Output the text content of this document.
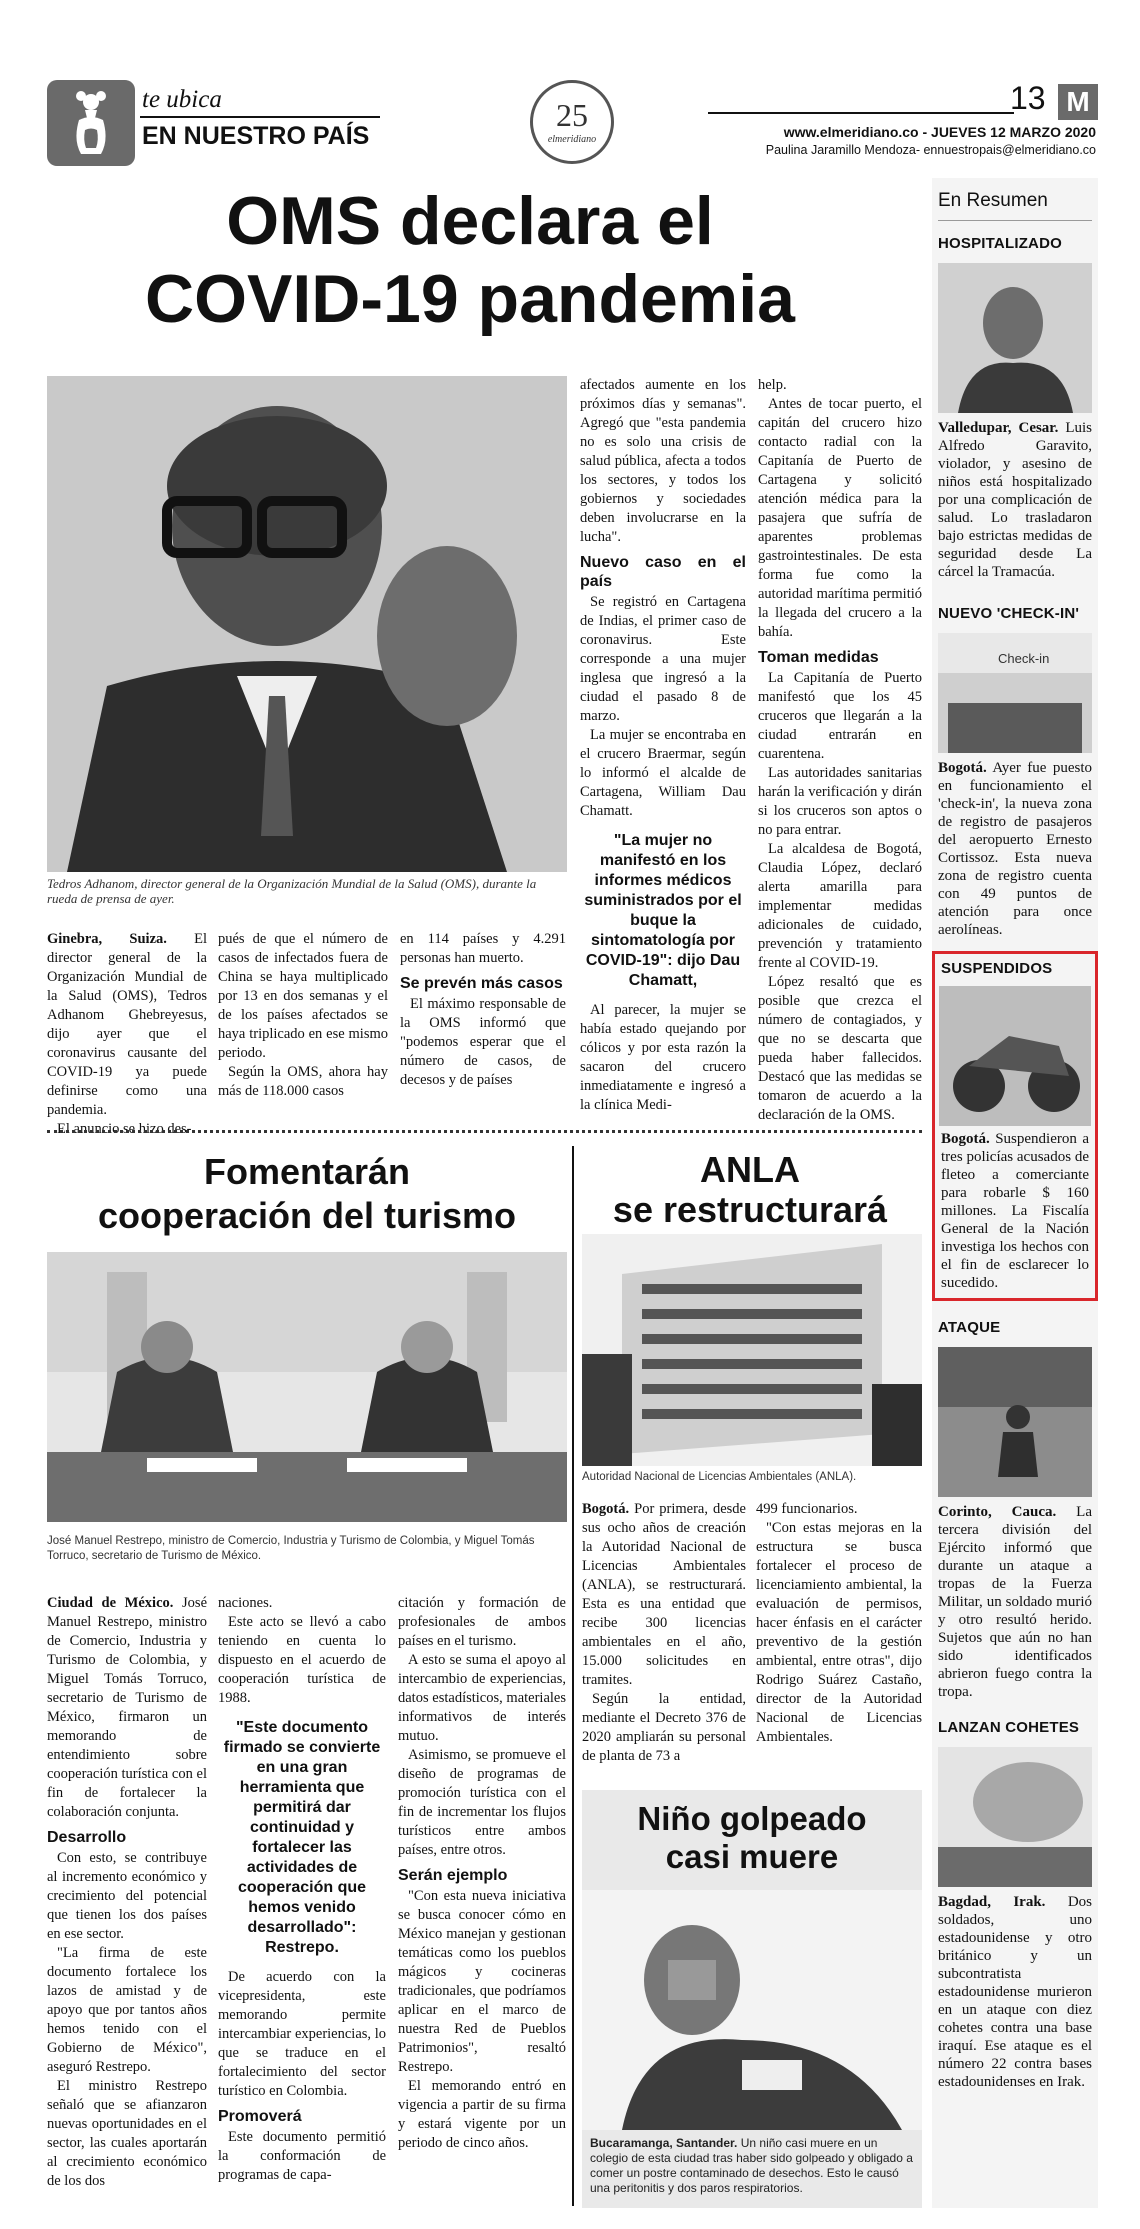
te ubica
EN NUESTRO PAÍS
25
elmeridiano
13 M
www.elmeridiano.co - JUEVES 12 MARZO 2020
Paulina Jaramillo Mendoza- ennuestropais@elmeridiano.co
OMS declara el
COVID-19 pandemia
Tedros Adhanom, director general de la Organización Mundial de la Salud (OMS), durante la rueda de prensa de ayer.

Ginebra, Suiza. El director general de la Organización Mundial de la Salud (OMS), Tedros Adhanom Ghebreyesus, dijo ayer que el coronavirus causante del COVID-19 ya puede definirse como una pandemia.

El anuncio se hizo des-

pués de que el número de casos de infectados fuera de China se haya multiplicado por 13 en dos semanas y el de los países afectados se haya triplicado en ese mismo periodo.

Según la OMS, ahora hay más de 118.000 casos

en 114 países y 4.291 personas han muerto.

Se prevén más casos

El máximo responsable de la OMS informó que "podemos esperar que el número de casos, de decesos y de países

afectados aumente en los próximos días y semanas". Agregó que "esta pandemia no es solo una crisis de salud pública, afecta a todos los sectores, y todos los gobiernos y sociedades deben involucrarse en la lucha".

Nuevo caso en el país

Se registró en Cartagena de Indias, el primer caso de coronavirus. Este corresponde a una mujer inglesa que ingresó a la ciudad el pasado 8 de marzo.

La mujer se encontraba en el crucero Braermar, según lo informó el alcalde de Cartagena, William Dau Chamatt.

"La mujer no manifestó en los informes médicos suministrados por el buque la sintomatología por COVID-19": dijo Dau Chamatt,

Al parecer, la mujer se había estado quejando por cólicos y por esta razón la sacaron del crucero inmediatamente e ingresó a la clínica Medi-

help.

Antes de tocar puerto, el capitán del crucero hizo contacto radial con la Capitanía de Puerto de Cartagena y solicitó atención médica para la pasajera que sufría de aparentes problemas gastrointestinales. De esta forma fue como la autoridad marítima permitió la llegada del crucero a la bahía.

Toman medidas

La Capitanía de Puerto manifestó que los 45 cruceros que llegarán a la ciudad entrarán en cuarentena.

Las autoridades sanitarias harán la verificación y dirán si los cruceros son aptos o no para entrar.

La alcaldesa de Bogotá, Claudia López, declaró alerta amarilla para implementar medidas adicionales de cuidado, prevención y tratamiento frente al COVID-19.

López resaltó que es posible que crezca el número de contagiados, y que no se descarta que pueda haber fallecidos. Destacó que las medidas se tomaron de acuerdo a la declaración de la OMS.

Fomentarán
cooperación del turismo
José Manuel Restrepo, ministro de Comercio, Industria y Turismo de Colombia, y Miguel Tomás Torruco, secretario de Turismo de México.

Ciudad de México. José Manuel Restrepo, ministro de Comercio, Industria y Turismo de Colombia, y Miguel Tomás Torruco, secretario de Turismo de México, firmaron un memorando de entendimiento sobre cooperación turística con el fin de fortalecer la colaboración conjunta.

Desarrollo

Con esto, se contribuye al incremento económico y crecimiento del potencial que tienen los dos países en ese sector.

"La firma de este documento fortalece los lazos de amistad y de apoyo que por tantos años hemos tenido con el Gobierno de México", aseguró Restrepo.

El ministro Restrepo señaló que se afianzaron nuevas oportunidades en el sector, las cuales aportarán al crecimiento económico de los dos

naciones.

Este acto se llevó a cabo teniendo en cuenta lo dispuesto en el acuerdo de cooperación turística de 1988.

"Este documento firmado se convierte en una gran herramienta que permitirá dar continuidad y fortalecer las actividades de cooperación que hemos venido desarrollado": Restrepo.

De acuerdo con la vicepresidenta, este memorando permite intercambiar experiencias, lo que se traduce en el fortalecimiento del sector turístico en Colombia.

Promoverá

Este documento permitió la conformación de programas de capa-

citación y formación de profesionales de ambos países en el turismo.

A esto se suma el apoyo al intercambio de experiencias, datos estadísticos, materiales informativos de interés mutuo.

Asimismo, se promueve el diseño de programas de promoción turística con el fin de incrementar los flujos turísticos entre ambos países, entre otros.

Serán ejemplo

"Con esta nueva iniciativa se busca conocer cómo en México manejan y gestionan temáticas como los pueblos mágicos y cocineras tradicionales, que podríamos aplicar en el marco de nuestra Red de Pueblos Patrimonios", resaltó Restrepo.

El memorando entró en vigencia a partir de su firma y estará vigente por un periodo de cinco años.

ANLA
se restructurará
Autoridad Nacional de Licencias Ambientales (ANLA).

Bogotá. Por primera, desde sus ocho años de creación la Autoridad Nacional de Licencias Ambientales (ANLA), se restructurará. Esta es una entidad que recibe 300 licencias ambientales en el año, 15.000 solicitudes en tramites.

Según la entidad, mediante el Decreto 376 de 2020 ampliarán su personal de planta de 73 a

499 funcionarios.

"Con estas mejoras en la estructura se busca fortalecer el proceso de licenciamiento ambiental, la evaluación de permisos, hacer énfasis en el carácter preventivo de la gestión ambiental, entre otras", dijo Rodrigo Suárez Castaño, director de la Autoridad Nacional de Licencias Ambientales.

Niño golpeado
casi muere
Bucaramanga, Santander. Un niño casi muere en un colegio de esta ciudad tras haber sido golpeado y obligado a comer un postre contaminado de desechos. Esto le causó una peritonitis y dos paros respiratorios.
En Resumen
HOSPITALIZADO
Valledupar, Cesar. Luis Alfredo Garavito, violador, y asesino de niños está hospitalizado por una complicación de salud. Lo trasladaron bajo estrictas medidas de seguridad desde La cárcel la Tramacúa.
NUEVO 'CHECK-IN'
Check-in
Bogotá. Ayer fue puesto en funcionamiento el 'check-in', la nueva zona de registro de pasajeros del aeropuerto Ernesto Cortissoz. Esta nueva zona de registro cuenta con 49 puntos de atención para once aerolíneas.
SUSPENDIDOS
Bogotá. Suspendieron a tres policías acusados de fleteo a comerciante para robarle $ 160 millones. La Fiscalía General de la Nación investiga los hechos con el fin de esclarecer lo sucedido.
ATAQUE
Corinto, Cauca. La tercera división del Ejército informó que durante un ataque a tropas de la Fuerza Militar, un soldado murió y otro resultó herido. Sujetos que aún no han sido identificados abrieron fuego contra la tropa.
LANZAN COHETES
Bagdad, Irak. Dos soldados, uno estadounidense y otro británico y un subcontratista estadounidense murieron en un ataque con diez cohetes contra una base iraquí. Ese ataque es el número 22 contra bases estadounidenses en Irak.
